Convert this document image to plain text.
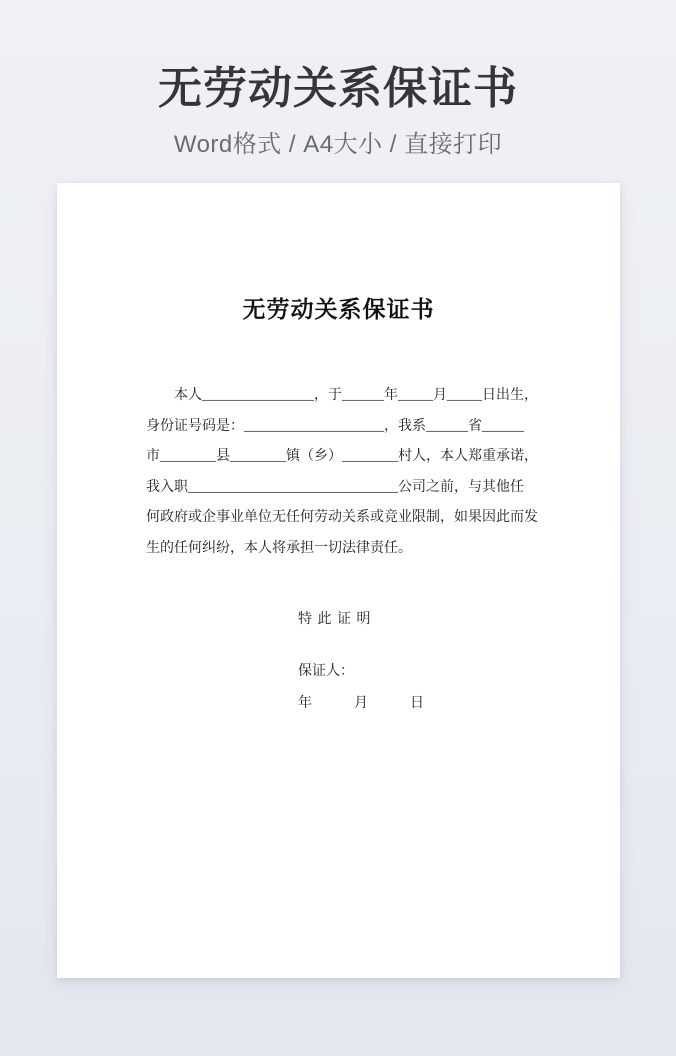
无劳动关系保证书
Word格式 / A4大小 / 直接打印
无劳动关系保证书
本人________________，于______年_____月_____日出生，
身份证号码是：____________________，我系______省______
市________县________镇（乡）________村人，本人郑重承诺，
我入职______________________________公司之前，与其他任
何政府或企事业单位无任何劳动关系或竞业限制，如果因此而发
生的任何纠纷，本人将承担一切法律责任。
特 此 证 明
保证人：
年　　　月　　　日
